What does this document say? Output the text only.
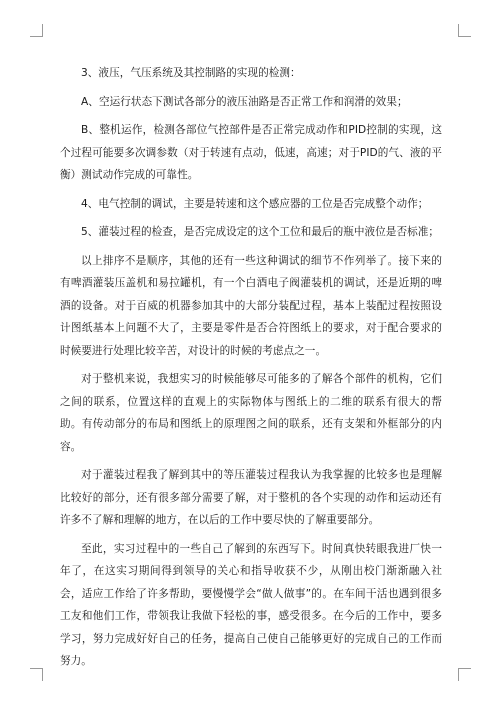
3、液压，气压系统及其控制路的实现的检测：

A、空运行状态下测试各部分的液压油路是否正常工作和润滑的效果；

B、整机运作，检测各部位气控部件是否正常完成动作和PID控制的实现，这个过程可能要多次调参数（对于转速有点动，低速，高速；对于PID的气、液的平衡）测试动作完成的可靠性。

4、电气控制的调试，主要是转速和这个感应器的工位是否完成整个动作；

5、灌装过程的检查，是否完成设定的这个工位和最后的瓶中液位是否标准；

以上排序不是顺序，其他的还有一些这种调试的细节不作列举了。接下来的有啤酒灌装压盖机和易拉罐机，有一个白酒电子阀灌装机的调试，还是近期的啤酒的设备。对于百威的机器参加其中的大部分装配过程，基本上装配过程按照设计图纸基本上问题不大了，主要是零件是否合符图纸上的要求，对于配合要求的时候要进行处理比较辛苦，对设计的时候的考虑点之一。

对于整机来说，我想实习的时候能够尽可能多的了解各个部件的机构，它们之间的联系，位置这样的直观上的实际物体与图纸上的二维的联系有很大的帮助。有传动部分的布局和图纸上的原理图之间的联系，还有支架和外框部分的内容。

对于灌装过程我了解到其中的等压灌装过程我认为我掌握的比较多也是理解比较好的部分，还有很多部分需要了解，对于整机的各个实现的动作和运动还有许多不了解和理解的地方，在以后的工作中要尽快的了解重要部分。

至此，实习过程中的一些自己了解到的东西写下。时间真快转眼我进厂快一年了，在这实习期间得到领导的关心和指导收获不少，从刚出校门渐渐融入社会，适应工作给了许多帮助，要慢慢学会“做人做事”的。在车间干活也遇到很多工友和他们工作，带领我让我做下轻松的事，感受很多。在今后的工作中，要多学习，努力完成好好自己的任务，提高自己使自己能够更好的完成自己的工作而努力。
